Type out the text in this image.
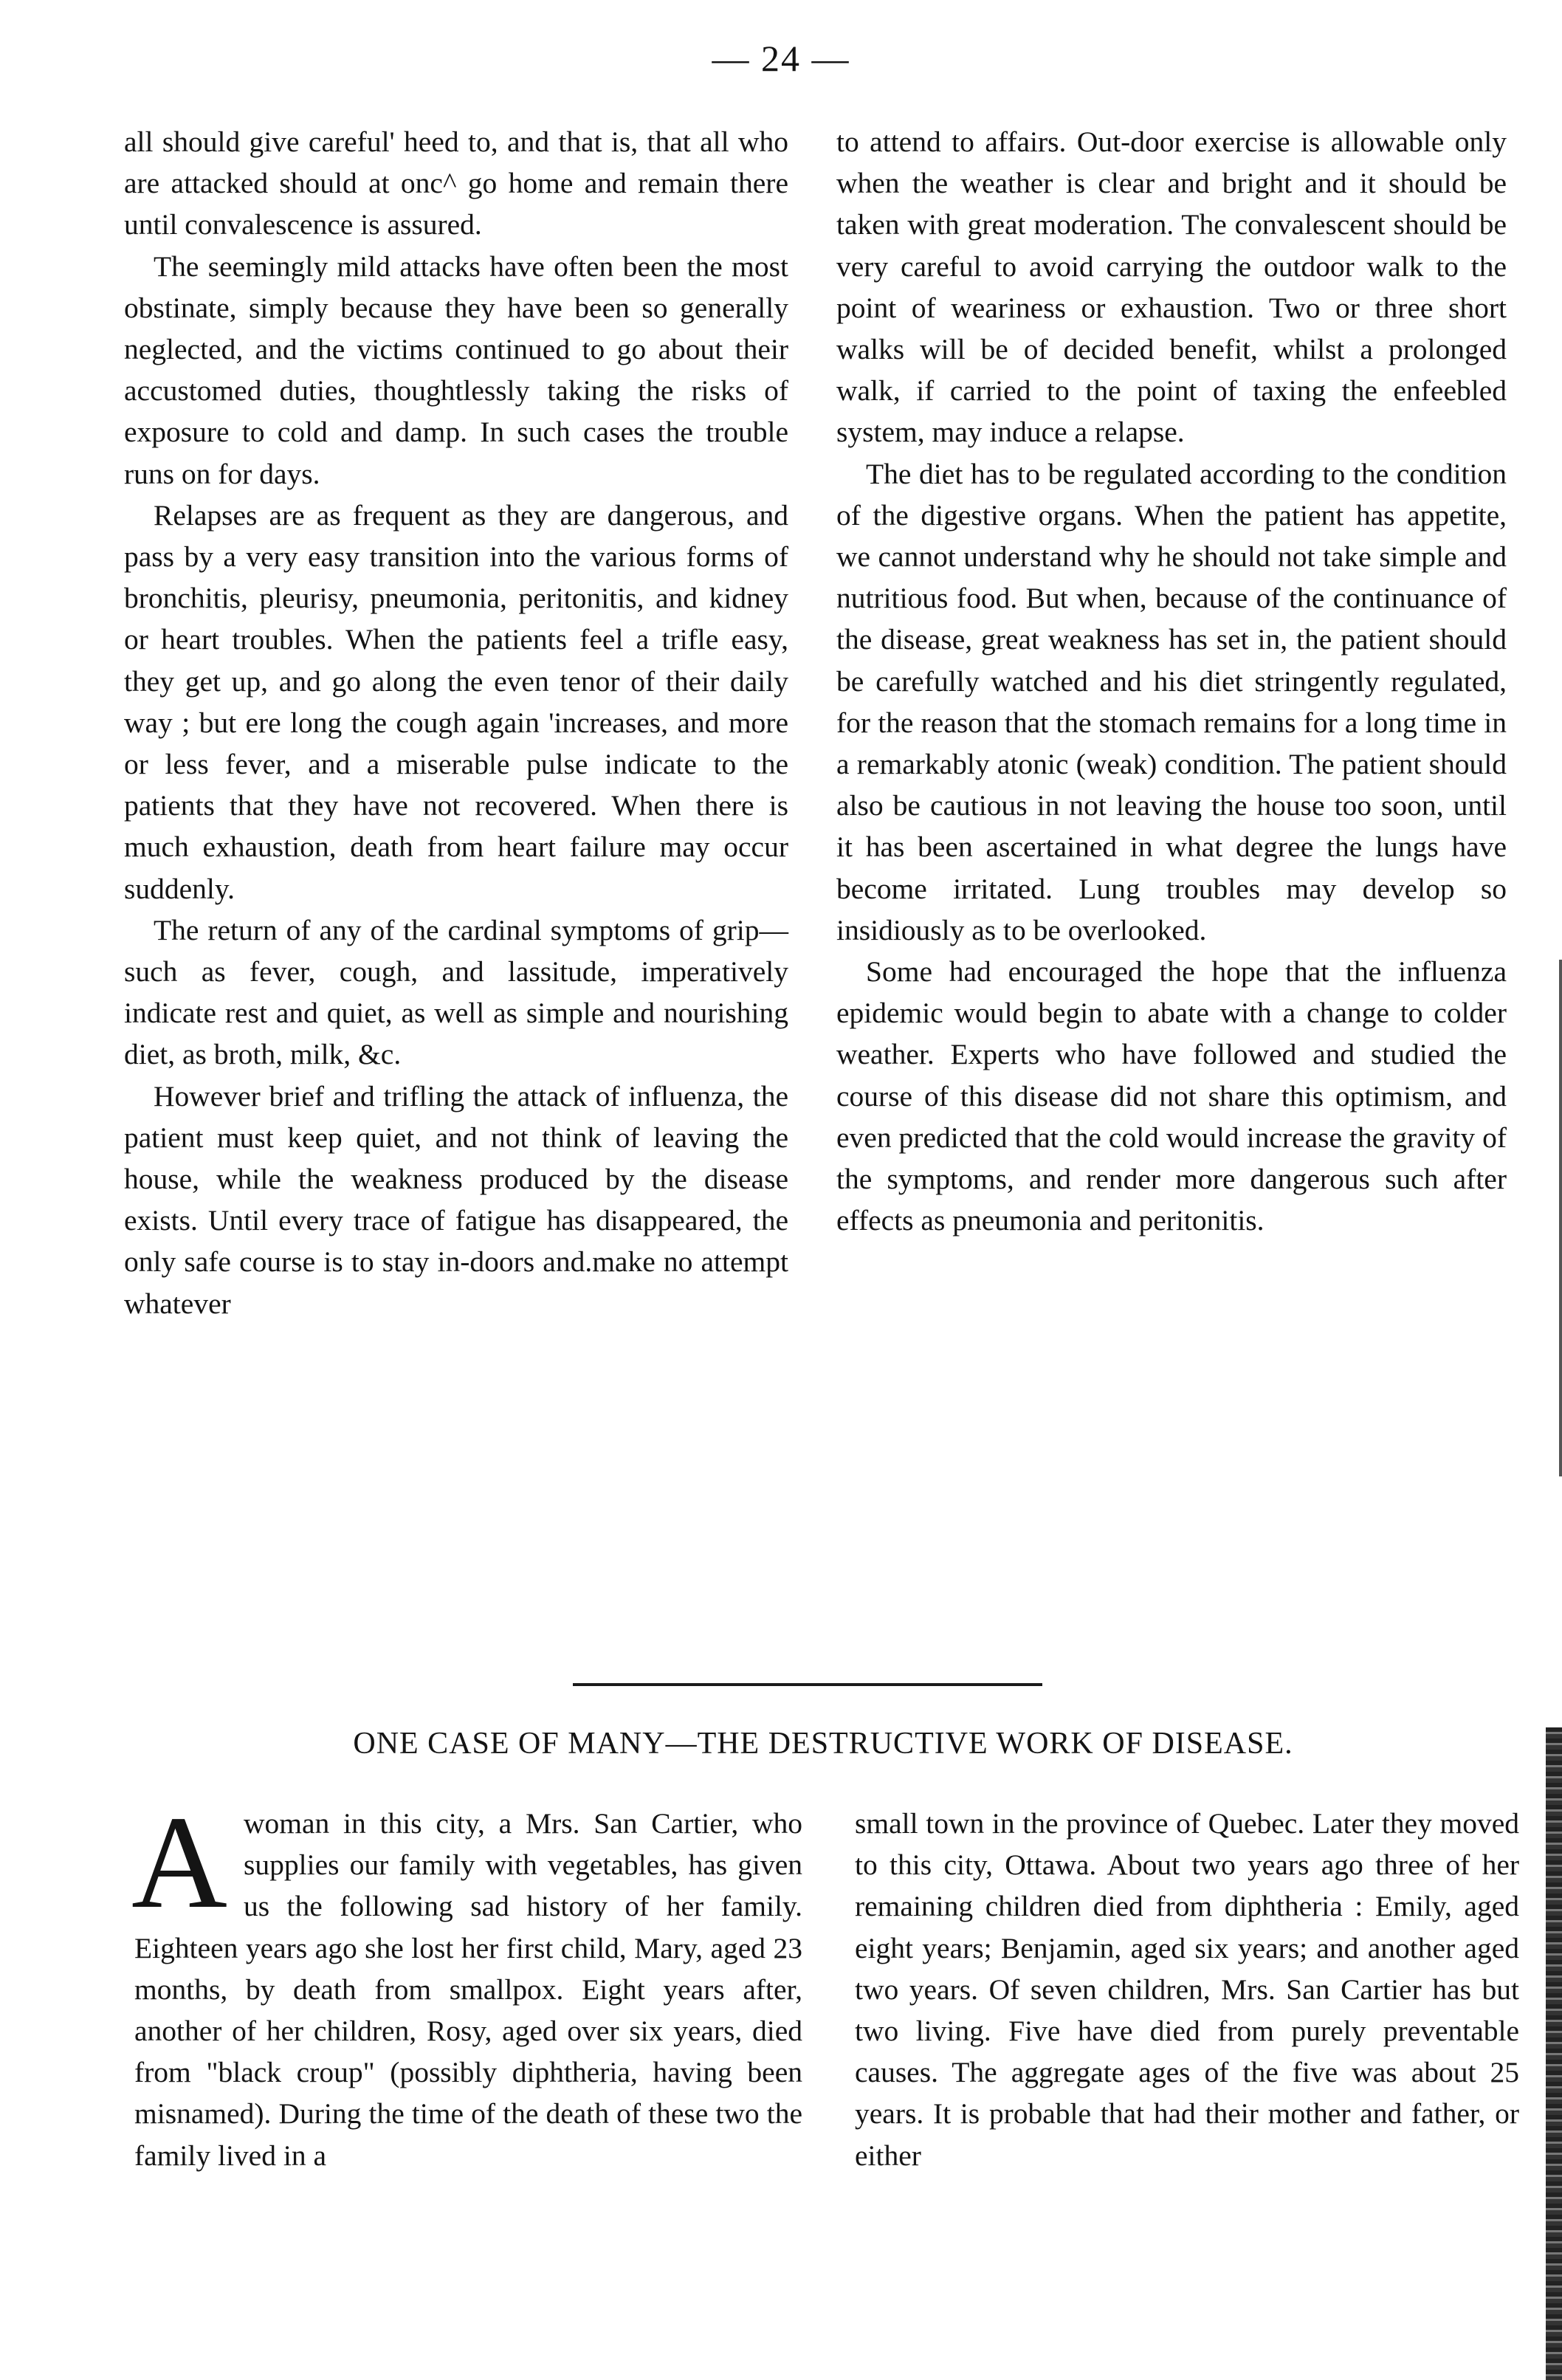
— 24 —

all should give careful' heed to, and that is, that all who are attacked should at onc^ go home and remain there until convalescence is assured.

The seemingly mild attacks have often been the most obstinate, simply because they have been so generally neglected, and the victims continued to go about their accustomed duties, thoughtlessly taking the risks of exposure to cold and damp. In such cases the trouble runs on for days.

Relapses are as frequent as they are dangerous, and pass by a very easy transition into the various forms of bronchitis, pleurisy, pneumonia, peritonitis, and kidney or heart troubles. When the patients feel a trifle easy, they get up, and go along the even tenor of their daily way ; but ere long the cough again 'increases, and more or less fever, and a miserable pulse indicate to the patients that they have not recovered. When there is much exhaustion, death from heart failure may occur suddenly.

The return of any of the cardinal symptoms of grip—such as fever, cough, and lassitude, imperatively indicate rest and quiet, as well as simple and nourishing diet, as broth, milk, &c.

However brief and trifling the attack of influenza, the patient must keep quiet, and not think of leaving the house, while the weakness produced by the disease exists. Until every trace of fatigue has disappeared, the only safe course is to stay in-doors and.make no attempt whatever

to attend to affairs. Out-door exercise is allowable only when the weather is clear and bright and it should be taken with great moderation. The convalescent should be very careful to avoid carrying the outdoor walk to the point of weariness or exhaustion. Two or three short walks will be of decided benefit, whilst a prolonged walk, if carried to the point of taxing the enfeebled system, may induce a relapse.

The diet has to be regulated according to the condition of the digestive organs. When the patient has appetite, we cannot understand why he should not take simple and nutritious food. But when, because of the continuance of the disease, great weakness has set in, the patient should be carefully watched and his diet stringently regulated, for the reason that the stomach remains for a long time in a remarkably atonic (weak) condition. The patient should also be cautious in not leaving the house too soon, until it has been ascertained in what degree the lungs have become irritated. Lung troubles may develop so insidiously as to be overlooked.

Some had encouraged the hope that the influenza epidemic would begin to abate with a change to colder weather. Experts who have followed and studied the course of this disease did not share this optimism, and even predicted that the cold would increase the gravity of the symptoms, and render more dangerous such after effects as pneumonia and peritonitis.

ONE CASE OF MANY—THE DESTRUCTIVE WORK OF DISEASE.

Awoman in this city, a Mrs. San Cartier, who supplies our family with vegetables, has given us the following sad history of her family. Eighteen years ago she lost her first child, Mary, aged 23 months, by death from smallpox. Eight years after, another of her children, Rosy, aged over six years, died from "black croup" (possibly diphtheria, having been misnamed). During the time of the death of these two the family lived in a

small town in the province of Quebec. Later they moved to this city, Ottawa. About two years ago three of her remaining children died from diphtheria : Emily, aged eight years; Benjamin, aged six years; and another aged two years. Of seven children, Mrs. San Cartier has but two living. Five have died from purely preventable causes. The aggregate ages of the five was about 25 years. It is probable that had their mother and father, or either
